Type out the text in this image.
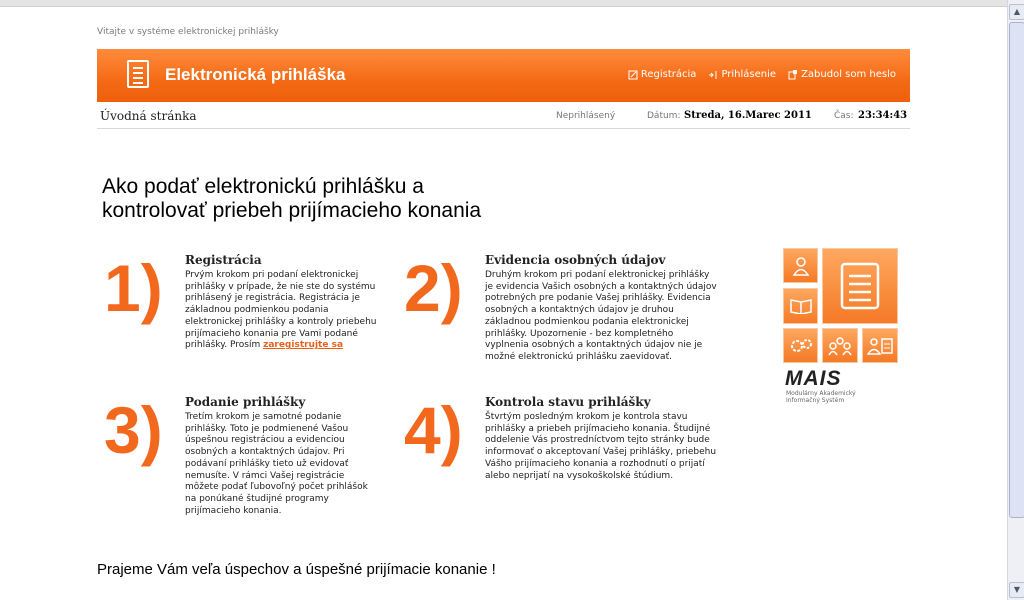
▲
▼
Vitajte v systéme elektronickej prihlášky
Elektronická prihláška	Registrácia	Prihlásenie	Zabudol som heslo
Úvodná stránka	Neprihlásený	Dátum: Streda, 16.Marec 2011 Čas: 23:34:43
Ako podať elektronickú prihlášku a
kontrolovať priebeh prijímacieho konania
1) Registrácia
Prvým krokom pri podaní elektronickej prihlášky v prípade, že nie ste do systému prihlásený je registrácia. Registrácia je základnou podmienkou podania elektronickej prihlášky a kontroly priebehu prijímacieho konania pre Vami podané prihlášky. Prosím zaregistrujte sa
2) Evidencia osobných údajov
Druhým krokom pri podaní elektronickej prihlášky je evidencia Vašich osobných a kontaktných údajov potrebných pre podanie Vašej prihlášky. Evidencia osobných a kontaktných údajov je druhou základnou podmienkou podania elektronickej prihlášky. Upozornenie - bez kompletného vyplnenia osobných a kontaktných údajov nie je možné elektronickú prihlášku zaevidovať.
3) Podanie prihlášky
Tretím krokom je samotné podanie prihlášky. Toto je podmienené Vašou úspešnou registráciou a evidenciou osobných a kontaktných údajov. Pri podávaní prihlášky tieto už evidovať nemusíte. V rámci Vašej registrácie môžete podať ľubovoľný počet prihlášok na ponúkané študijné programy prijímacieho konania.
4) Kontrola stavu prihlášky
Štvrtým posledným krokom je kontrola stavu prihlášky a priebeh prijímacieho konania. Študijné oddelenie Vás prostredníctvom tejto stránky bude informovať o akceptovaní Vašej prihlášky, priebehu Vášho prijímacieho konania a rozhodnutí o prijatí alebo neprijatí na vysokoškolské štúdium.
MAIS
Modulárny Akademický Informačný Systém
Prajeme Vám veľa úspechov a úspešné prijímacie konanie !
